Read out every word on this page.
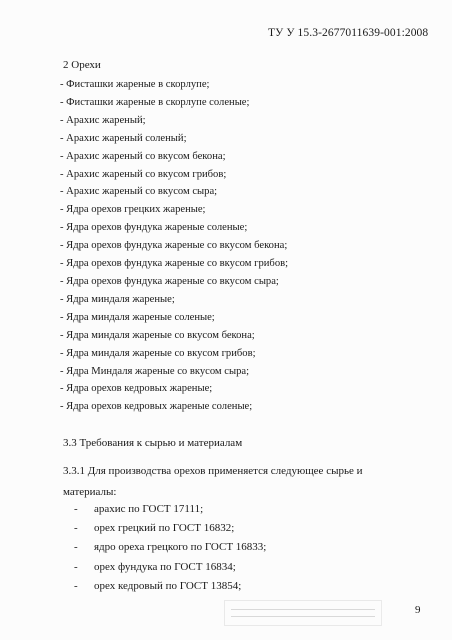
ТУ У 15.3-2677011639-001:2008
2 Орехи
- Фисташки жареные в скорлупе;
- Фисташки жареные в скорлупе соленые;
- Арахис жареный;
- Арахис жареный соленый;
- Арахис жареный со вкусом бекона;
- Арахис жареный со вкусом грибов;
- Арахис жареный со вкусом сыра;
- Ядра орехов грецких жареные;
- Ядра орехов фундука жареные соленые;
- Ядра орехов фундука жареные со вкусом бекона;
- Ядра орехов фундука жареные со вкусом грибов;
- Ядра орехов фундука жареные со вкусом сыра;
- Ядра миндаля жареные;
- Ядра миндаля жареные соленые;
- Ядра миндаля жареные со вкусом бекона;
- Ядра миндаля жареные со вкусом грибов;
- Ядра Миндаля жареные со вкусом сыра;
- Ядра орехов кедровых жареные;
- Ядра орехов кедровых жареные соленые;
3.3 Требования к сырью и материалам

3.3.1 Для производства орехов применяется следующее сырье и материалы:

- арахис по ГОСТ 17111;
- орех грецкий по ГОСТ 16832;
- ядро ореха грецкого по ГОСТ 16833;
- орех фундука по ГОСТ 16834;
- орех кедровый по ГОСТ 13854;
9
